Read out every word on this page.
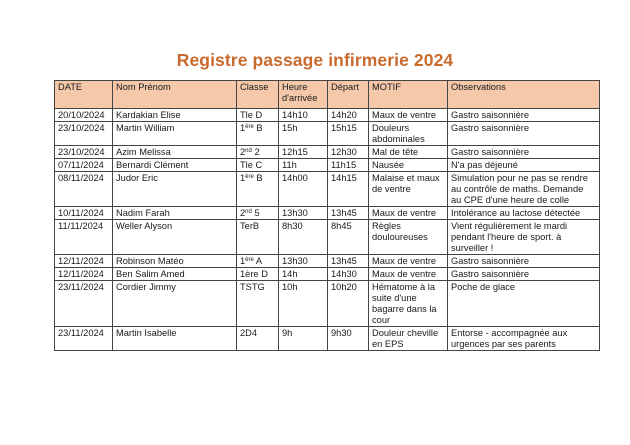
Registre passage infirmerie 2024
DATE	Nom Prénom	Classe	Heure d'arrivée	Départ	MOTIF	Observations
20/10/2024	Kardakian Elise	Tle D	14h10	14h20	Maux de ventre	Gastro saisonnière
23/10/2024	Martin William	1ère B	15h	15h15	Douleurs abdominales	Gastro saisonnière
23/10/2024	Azim Melissa	2nd 2	12h15	12h30	Mal de tête	Gastro saisonnière
07/11/2024	Bernardi Clément	Tle C	11h	11h15	Nausée	N'a pas déjeuné
08/11/2024	Judor Eric	1ère B	14h00	14h15	Malaise et maux de ventre	Simulation pour ne pas se rendre au contrôle de maths. Demande au CPE d'une heure de colle
10/11/2024	Nadim Farah	2nd 5	13h30	13h45	Maux de ventre	Intolérance au lactose détectée
11/11/2024	Weller Alyson	TerB	8h30	8h45	Règles douloureuses	Vient régulièrement le mardi pendant l'heure de sport. à surveiller !
12/11/2024	Robinson Matéo	1ère A	13h30	13h45	Maux de ventre	Gastro saisonnière
12/11/2024	Ben Salim Amed	1ère D	14h	14h30	Maux de ventre	Gastro saisonnière
23/11/2024	Cordier Jimmy	TSTG	10h	10h20	Hématome à la suite d'une bagarre dans la cour	Poche de glace
23/11/2024	Martin Isabelle	2D4	9h	9h30	Douleur cheville en EPS	Entorse - accompagnée aux urgences par ses parents
